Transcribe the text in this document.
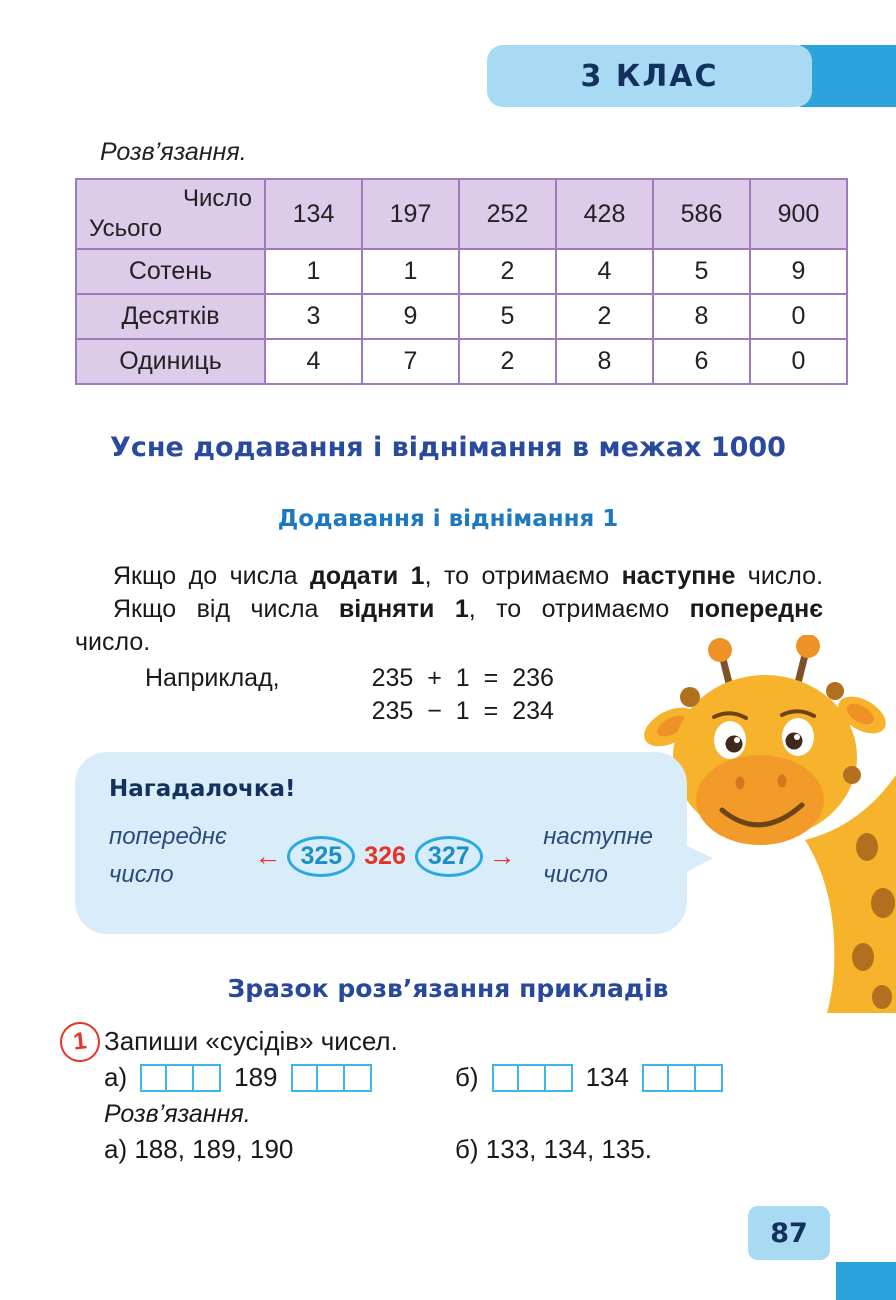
3 КЛАС
Розв’язання.
Число
Усього	134	197	252	428	586	900
Сотень	1	1	2	4	5	9
Десятків	3	9	5	2	8	0
Одиниць	4	7	2	8	6	0
Усне додавання і віднімання в межах 1000
Додавання і віднімання 1
Якщо до числа додати 1, то отримаємо наступне число.
Якщо від числа відняти 1, то отримаємо попереднє
число.
Наприклад,	235 + 1 = 236
235 − 1 = 234
Нагадалочка!
попереднє
число
← 325 326 327 →
наступне
число
Зразок розв’язання прикладів
1 Запиши «сусідів» чисел.
а)	189	б)	134
Розв’язання.
а) 188, 189, 190	б) 133, 134, 135.
87
